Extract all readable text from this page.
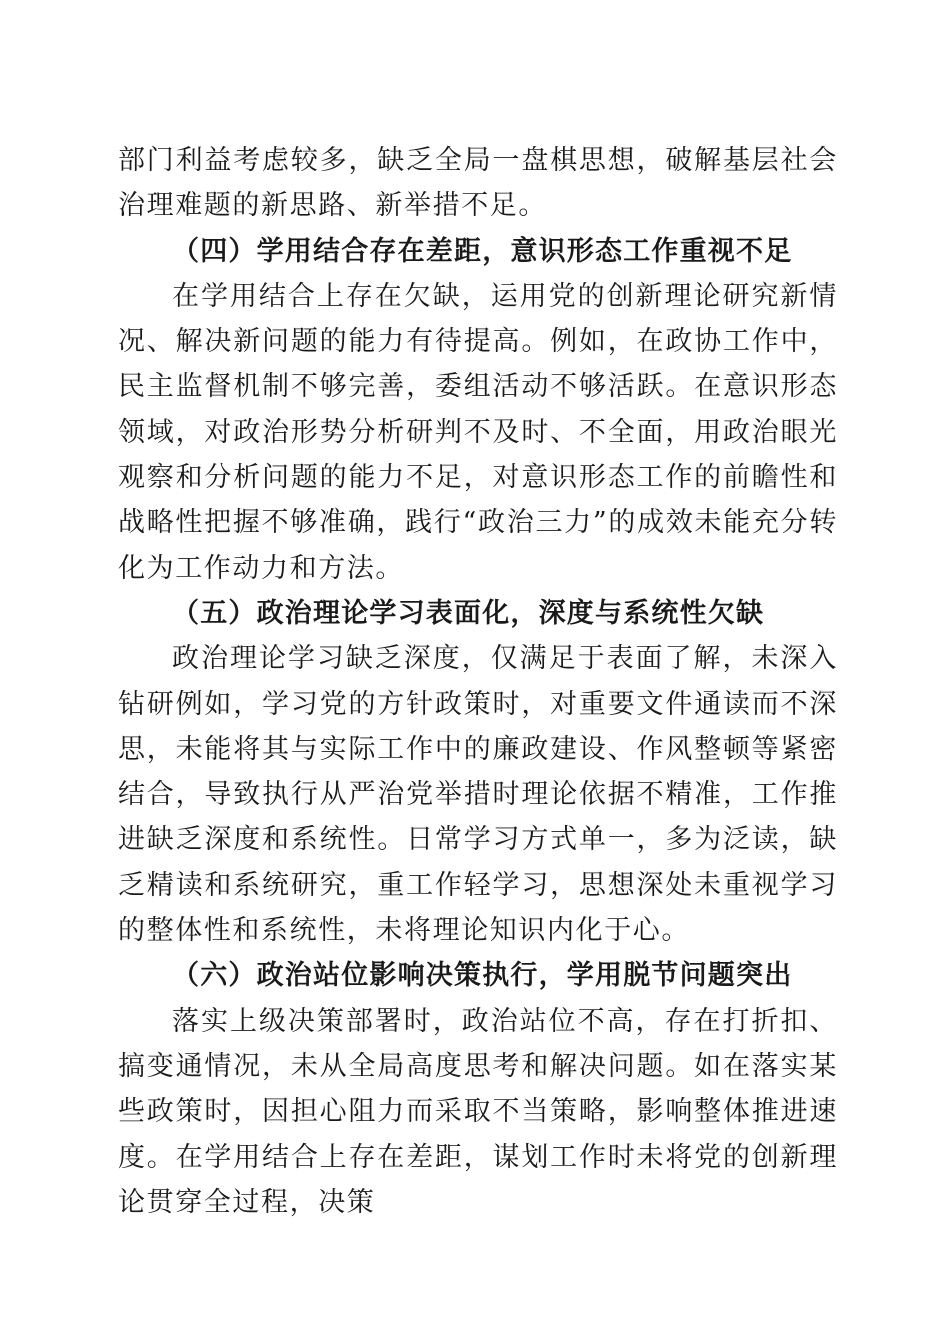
部门利益考虑较多，缺乏全局一盘棋思想，破解基层社会治理难题的新思路、新举措不足。

（四）学用结合存在差距，意识形态工作重视不足

在学用结合上存在欠缺，运用党的创新理论研究新情况、解决新问题的能力有待提高。例如，在政协工作中，民主监督机制不够完善，委组活动不够活跃。在意识形态领域，对政治形势分析研判不及时、不全面，用政治眼光观察和分析问题的能力不足，对意识形态工作的前瞻性和战略性把握不够准确，践行“政治三力”的成效未能充分转化为工作动力和方法。

（五）政治理论学习表面化，深度与系统性欠缺

政治理论学习缺乏深度，仅满足于表面了解，未深入钻研例如，学习党的方针政策时，对重要文件通读而不深思，未能将其与实际工作中的廉政建设、作风整顿等紧密结合，导致执行从严治党举措时理论依据不精准，工作推进缺乏深度和系统性。日常学习方式单一，多为泛读，缺乏精读和系统研究，重工作轻学习，思想深处未重视学习的整体性和系统性，未将理论知识内化于心。

（六）政治站位影响决策执行，学用脱节问题突出

落实上级决策部署时，政治站位不高，存在打折扣、搞变通情况，未从全局高度思考和解决问题。如在落实某些政策时，因担心阻力而采取不当策略，影响整体推进速度。在学用结合上存在差距，谋划工作时未将党的创新理论贯穿全过程，决策
